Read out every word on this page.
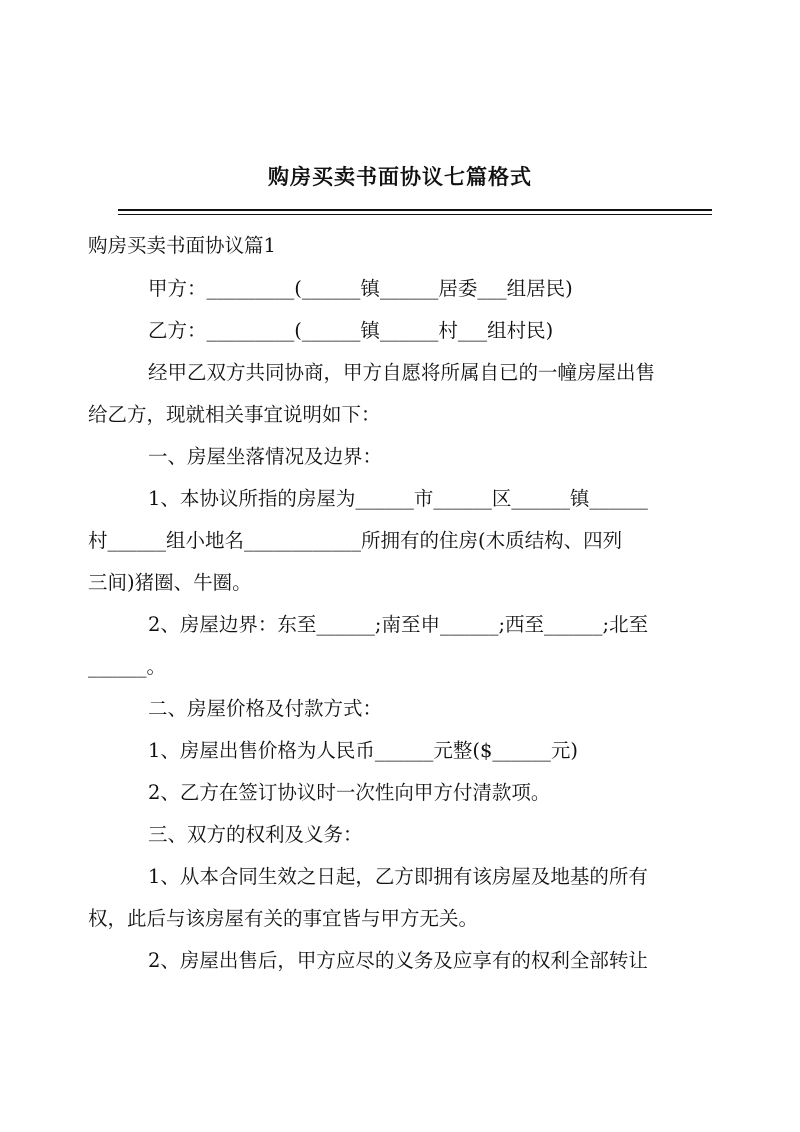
购房买卖书面协议七篇格式
购房买卖书面协议篇1
甲方：_________(______镇______居委___组居民)
乙方：_________(______镇______村___组村民)
经甲乙双方共同协商，甲方自愿将所属自已的一幢房屋出售
给乙方，现就相关事宜说明如下：
一、房屋坐落情况及边界：
1、本协议所指的房屋为______市______区______镇______
村______组小地名____________所拥有的住房(木质结构、四列
三间)猪圈、牛圈。
2、房屋边界：东至______;南至申______;西至______;北至
______。
二、房屋价格及付款方式：
1、房屋出售价格为人民币______元整($______元)
2、乙方在签订协议时一次性向甲方付清款项。
三、双方的权利及义务：
1、从本合同生效之日起，乙方即拥有该房屋及地基的所有
权，此后与该房屋有关的事宜皆与甲方无关。
2、房屋出售后，甲方应尽的义务及应享有的权利全部转让
